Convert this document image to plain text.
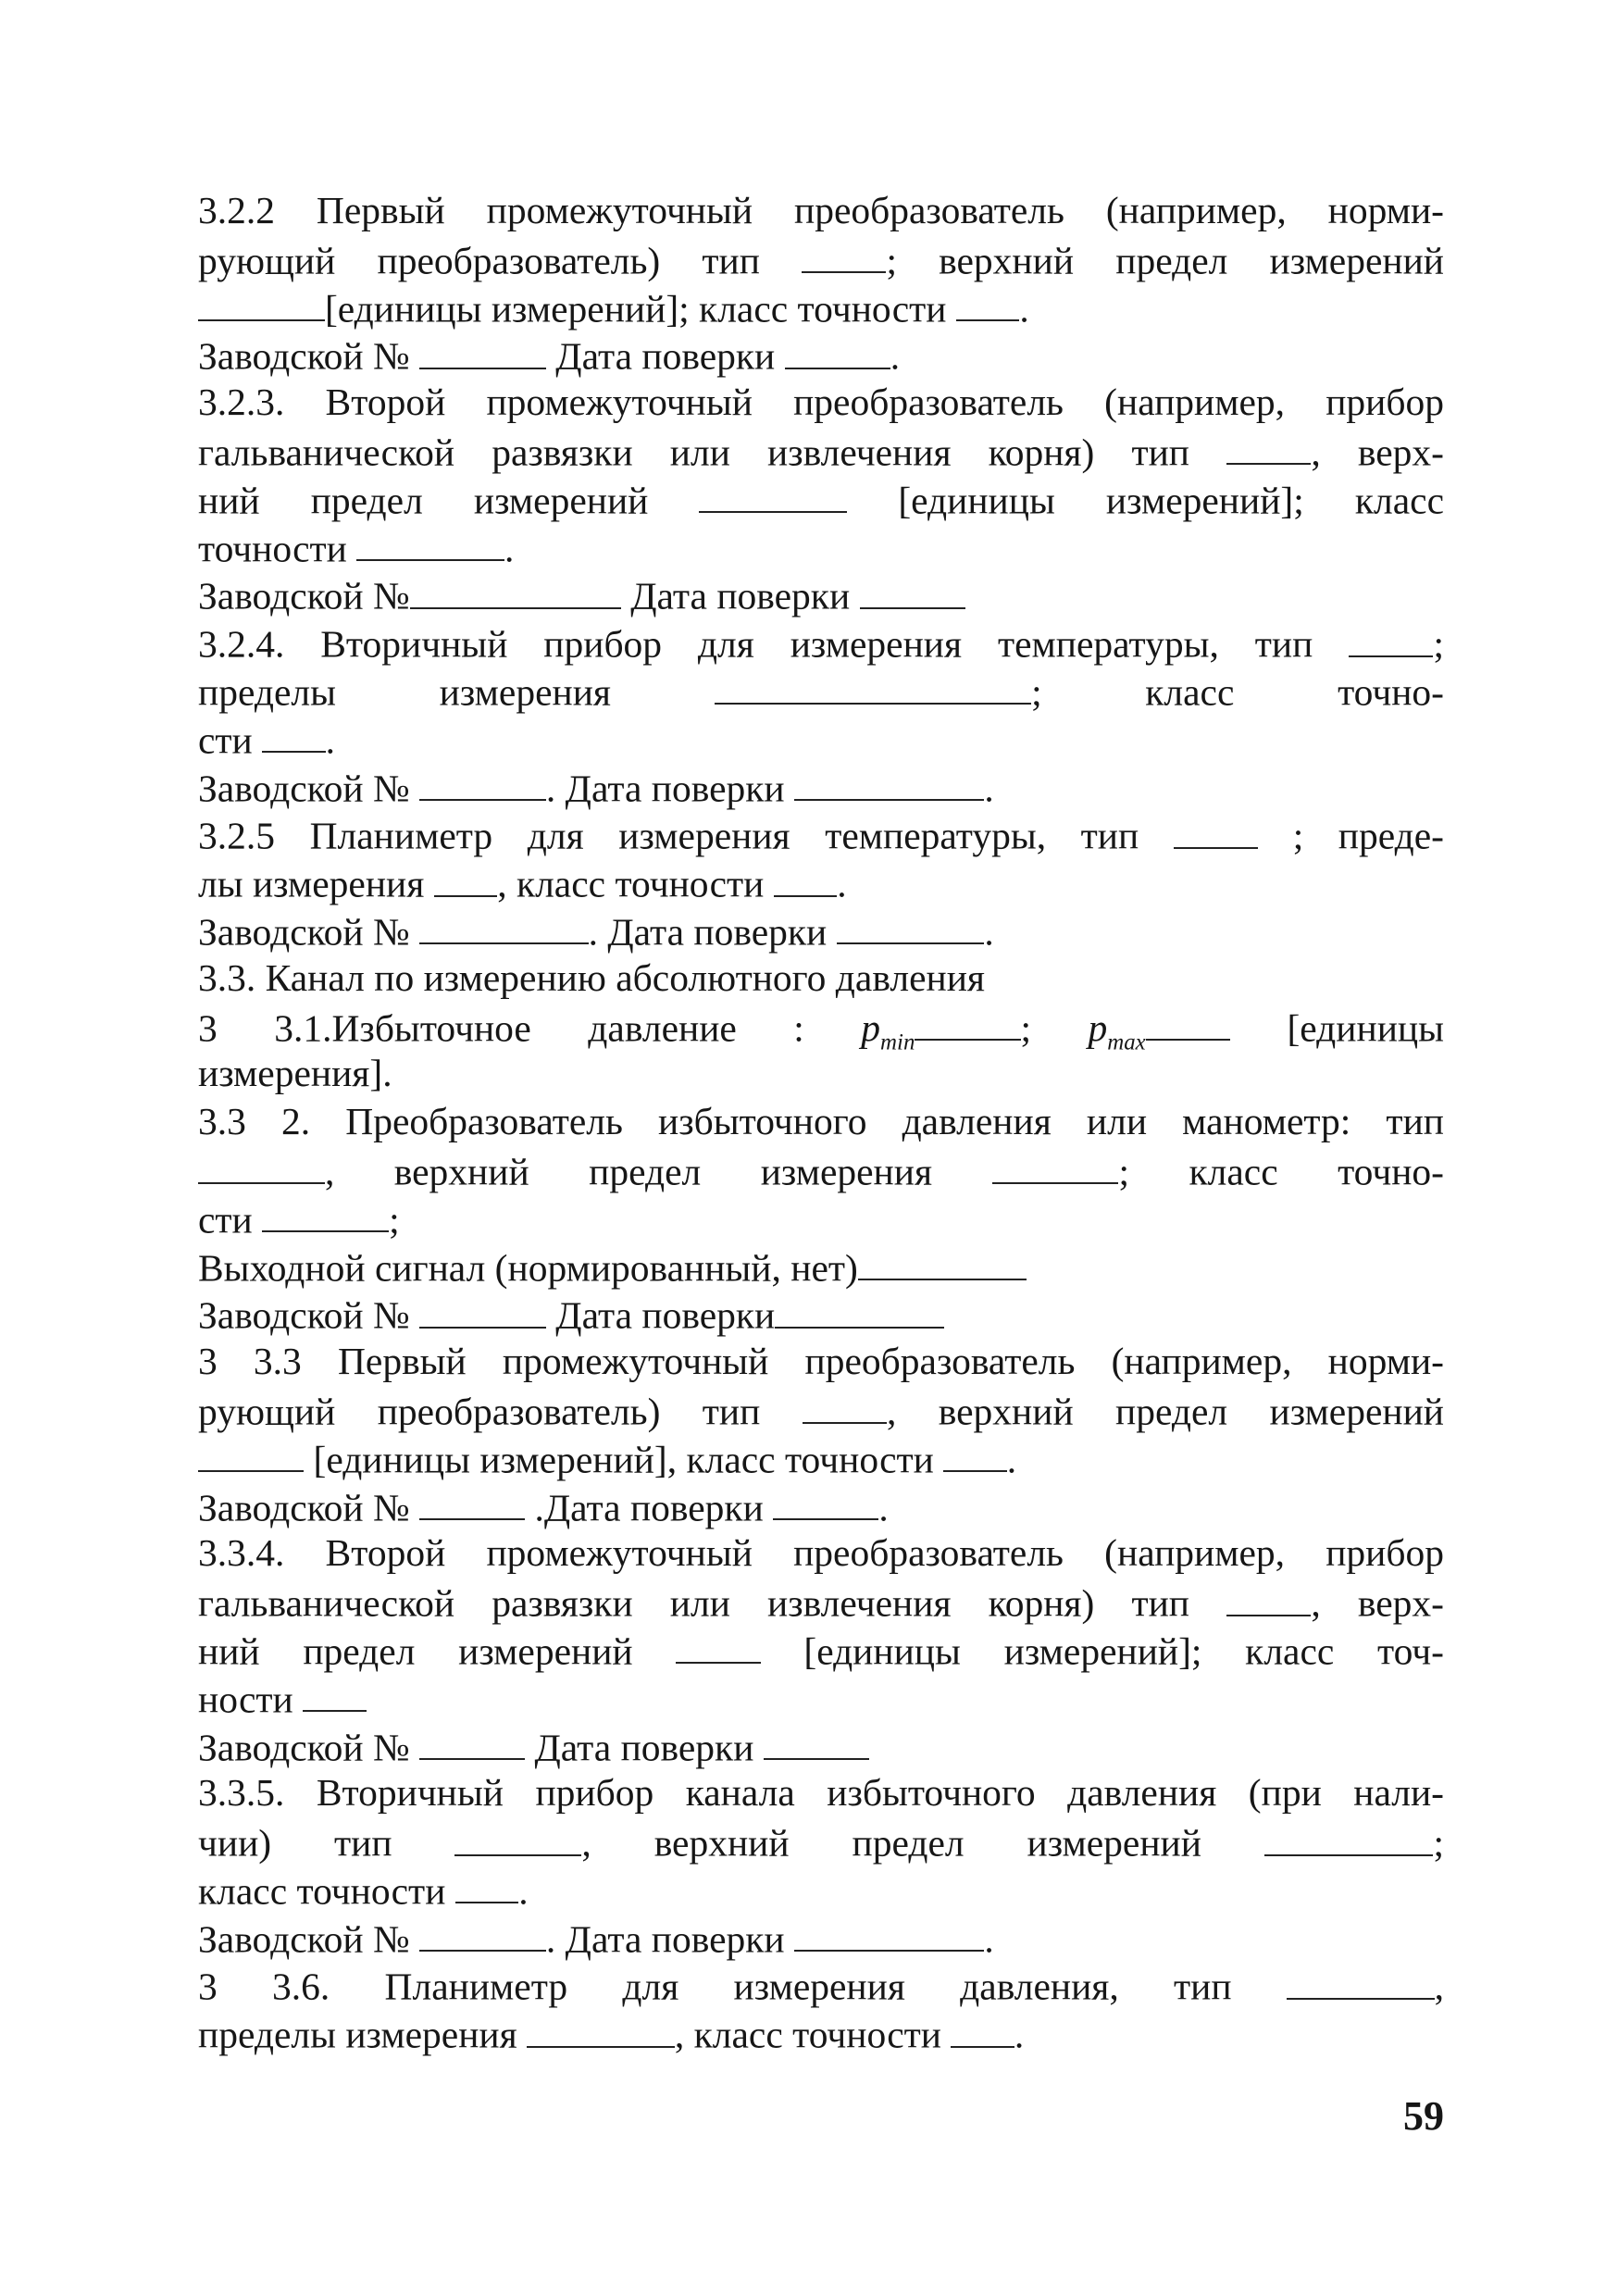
3.2.2 Первый промежуточный преобразователь (например, норми-
рующий преобразователь) тип ; верхний предел измерений
[единицы измерений]; класс точности .
Заводской №	Дата поверки	.
3.2.3. Второй промежуточный преобразователь (например, прибор
гальванической развязки или извлечения корня) тип , верх-
ний предел измерений	[единицы измерений]; класс
точности	.
Заводской №	Дата поверки
3.2.4. Вторичный прибор для измерения температуры, тип ;
пределы измерения	; класс точно-
сти .
Заводской №	. Дата поверки	.
3.2.5 Планиметр для измерения температуры, тип  ; преде-
лы измерения , класс точности .
Заводской №	. Дата поверки	.
3.3. Канал по измерению абсолютного давления
3 3.1.Избыточное давление : $p_{min}$	; $p_{max}$ [единицы
измерения].
3.3 2. Преобразователь избыточного давления или манометр: тип
, верхний предел измерения	; класс точно-
сти	;
Выходной сигнал (нормированный, нет)
Заводской №	Дата поверки
3 3.3 Первый промежуточный преобразователь (например, норми-
рующий преобразователь) тип , верхний предел измерений
[единицы измерений], класс точности .
Заводской №	.Дата поверки	.
3.3.4. Второй промежуточный преобразователь (например, прибор
гальванической развязки или извлечения корня) тип , верх-
ний предел измерений  [единицы измерений]; класс точ-
ности
Заводской №	Дата поверки
3.3.5. Вторичный прибор канала избыточного давления (при нали-
чии) тип	, верхний предел измерений	;
класс точности .
Заводской №	. Дата поверки	.
3 3.6. Планиметр для измерения давления, тип	,
пределы измерения	, класс точности .
59
